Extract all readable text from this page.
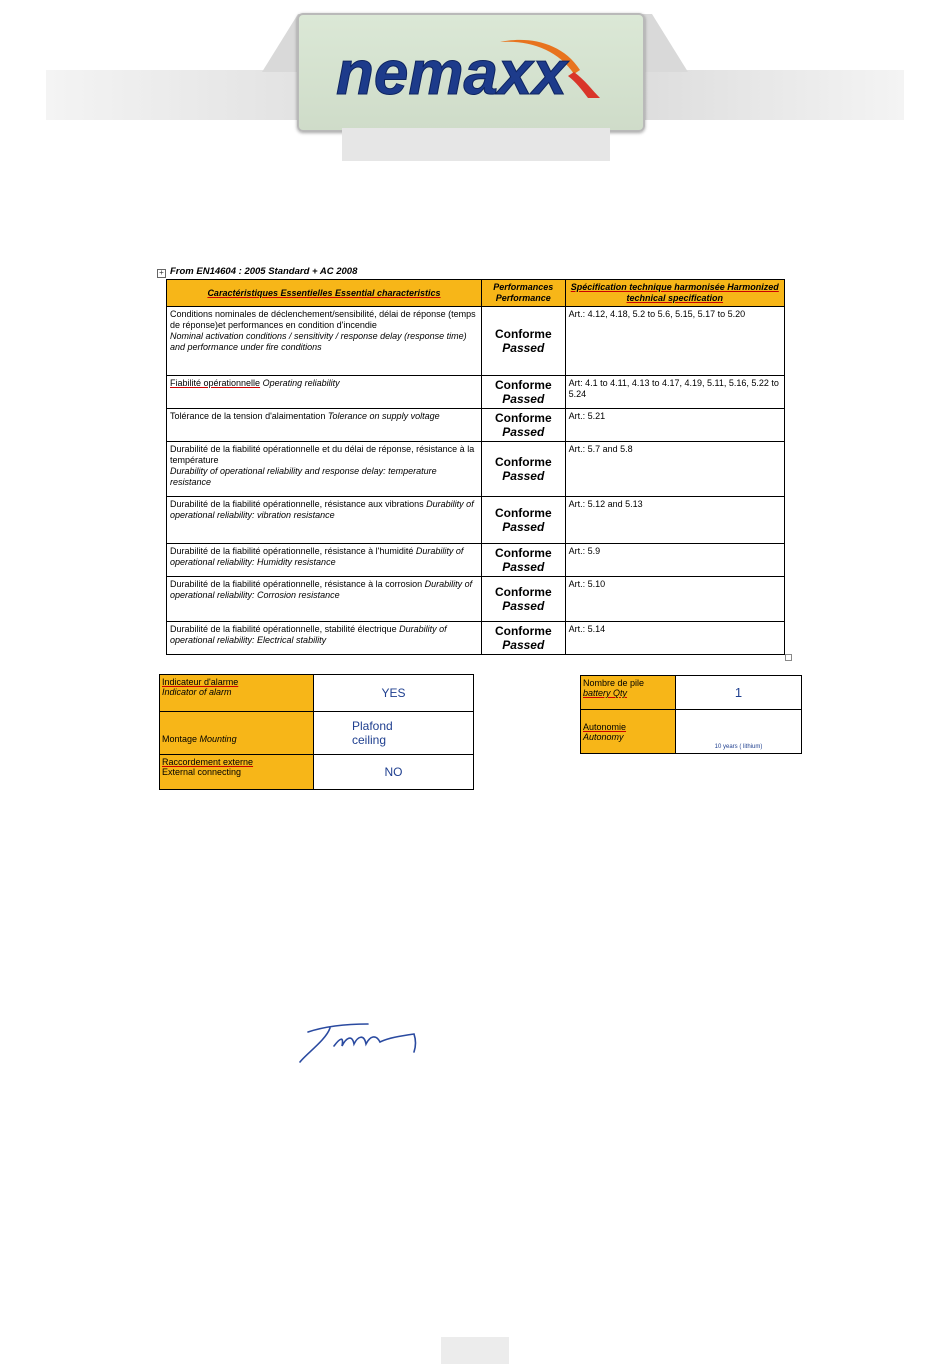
nemaxx
+ From EN14604 : 2005 Standard + AC 2008
Caractéristiques Essentielles Essential characteristics	Performances Performance	Spécification technique harmonisée Harmonized technical specification
Conditions nominales de déclenchement/sensibilité, délai de réponse (temps de réponse)et performances en condition d'incendie
Nominal activation conditions / sensitivity / response delay (response time) and performance under fire conditions	Conforme
Passed	Art.: 4.12, 4.18, 5.2 to 5.6, 5.15, 5.17 to 5.20
Fiabilité opérationnelle Operating reliability	Conforme
Passed	Art: 4.1 to 4.11, 4.13 to 4.17, 4.19, 5.11, 5.16, 5.22 to 5.24
Tolérance de la tension d'alaimentation Tolerance on supply voltage	Conforme
Passed	Art.: 5.21
Durabilité de la fiabilité opérationnelle et du délai de réponse, résistance à la température
Durability of operational reliability and response delay: temperature resistance	Conforme
Passed	Art.: 5.7 and 5.8
Durabilité de la fiabilité opérationnelle, résistance aux vibrations Durability of operational reliability: vibration resistance	Conforme
Passed	Art.: 5.12 and 5.13
Durabilité de la fiabilité opérationnelle, résistance à l'humidité Durability of operational reliability: Humidity resistance	Conforme
Passed	Art.: 5.9
Durabilité de la fiabilité opérationnelle, résistance à la corrosion Durability of operational reliability: Corrosion resistance	Conforme
Passed	Art.: 5.10
Durabilité de la fiabilité opérationnelle, stabilité électrique Durability of operational reliability: Electrical stability	Conforme
Passed	Art.: 5.14
Indicateur d'alarme
Indicator of alarm	YES
Montage Mounting	Plafond
ceiling
Raccordement externe
External connecting	NO
Nombre de pile
battery Qty	1
Autonomie
Autonomy	10 years ( lithium)
